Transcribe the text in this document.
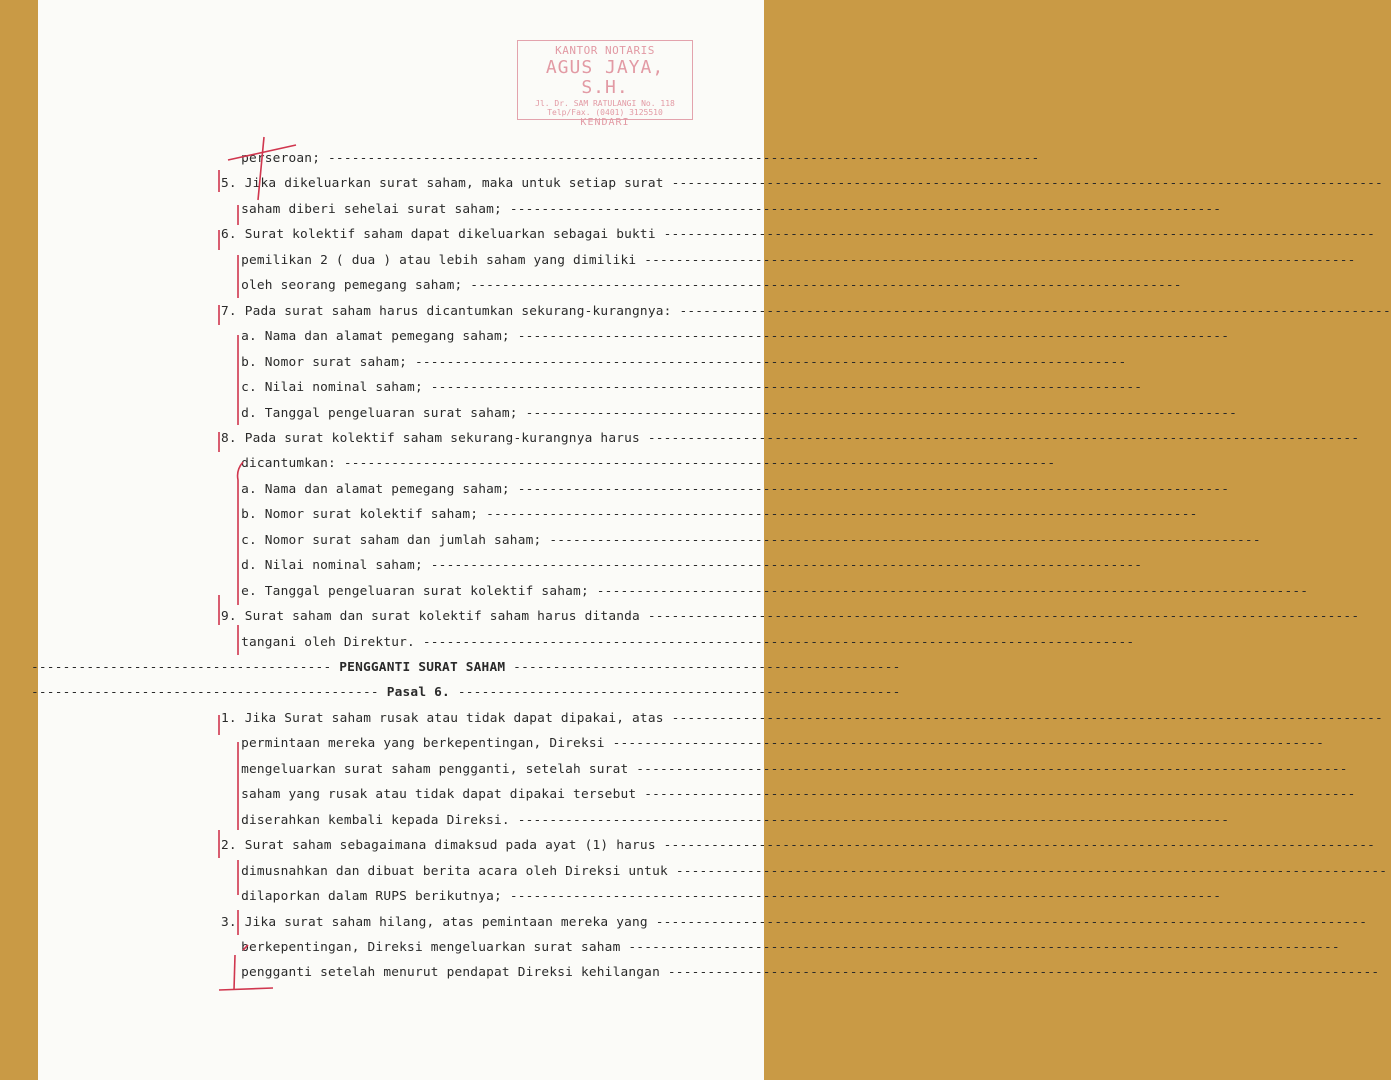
KANTOR NOTARIS
AGUS JAYA, S.H.
Jl. Dr. SAM RATULANGI No. 118
Telp/Fax. (0401) 3125510
KENDARI
perseroan; ------------------------------------------------------------------------------------------
5. Jika dikeluarkan surat saham, maka untuk setiap surat ------------------------------------------------------------------------------------------
saham diberi sehelai surat saham; ------------------------------------------------------------------------------------------
6. Surat kolektif saham dapat dikeluarkan sebagai bukti ------------------------------------------------------------------------------------------
pemilikan 2 ( dua ) atau lebih saham yang dimiliki ------------------------------------------------------------------------------------------
oleh seorang pemegang saham; ------------------------------------------------------------------------------------------
7. Pada surat saham harus dicantumkan sekurang-kurangnya: ------------------------------------------------------------------------------------------
a. Nama dan alamat pemegang saham; ------------------------------------------------------------------------------------------
b. Nomor surat saham; ------------------------------------------------------------------------------------------
c. Nilai nominal saham; ------------------------------------------------------------------------------------------
d. Tanggal pengeluaran surat saham; ------------------------------------------------------------------------------------------
8. Pada surat kolektif saham sekurang-kurangnya harus ------------------------------------------------------------------------------------------
dicantumkan: ------------------------------------------------------------------------------------------
a. Nama dan alamat pemegang saham; ------------------------------------------------------------------------------------------
b. Nomor surat kolektif saham; ------------------------------------------------------------------------------------------
c. Nomor surat saham dan jumlah saham; ------------------------------------------------------------------------------------------
d. Nilai nominal saham; ------------------------------------------------------------------------------------------
e. Tanggal pengeluaran surat kolektif saham; ------------------------------------------------------------------------------------------
9. Surat saham dan surat kolektif saham harus ditanda ------------------------------------------------------------------------------------------
tangani oleh Direktur. ------------------------------------------------------------------------------------------
-------------------------------------- PENGGANTI SURAT SAHAM -------------------------------------------------
-------------------------------------------- Pasal 6. --------------------------------------------------------
1. Jika Surat saham rusak atau tidak dapat dipakai, atas ------------------------------------------------------------------------------------------
permintaan mereka yang berkepentingan, Direksi ------------------------------------------------------------------------------------------
mengeluarkan surat saham pengganti, setelah surat ------------------------------------------------------------------------------------------
saham yang rusak atau tidak dapat dipakai tersebut ------------------------------------------------------------------------------------------
diserahkan kembali kepada Direksi. ------------------------------------------------------------------------------------------
2. Surat saham sebagaimana dimaksud pada ayat (1) harus ------------------------------------------------------------------------------------------
dimusnahkan dan dibuat berita acara oleh Direksi untuk ------------------------------------------------------------------------------------------
dilaporkan dalam RUPS berikutnya; ------------------------------------------------------------------------------------------
3. Jika surat saham hilang, atas pemintaan mereka yang ------------------------------------------------------------------------------------------
berkepentingan, Direksi mengeluarkan surat saham ------------------------------------------------------------------------------------------
pengganti setelah menurut pendapat Direksi kehilangan ------------------------------------------------------------------------------------------
